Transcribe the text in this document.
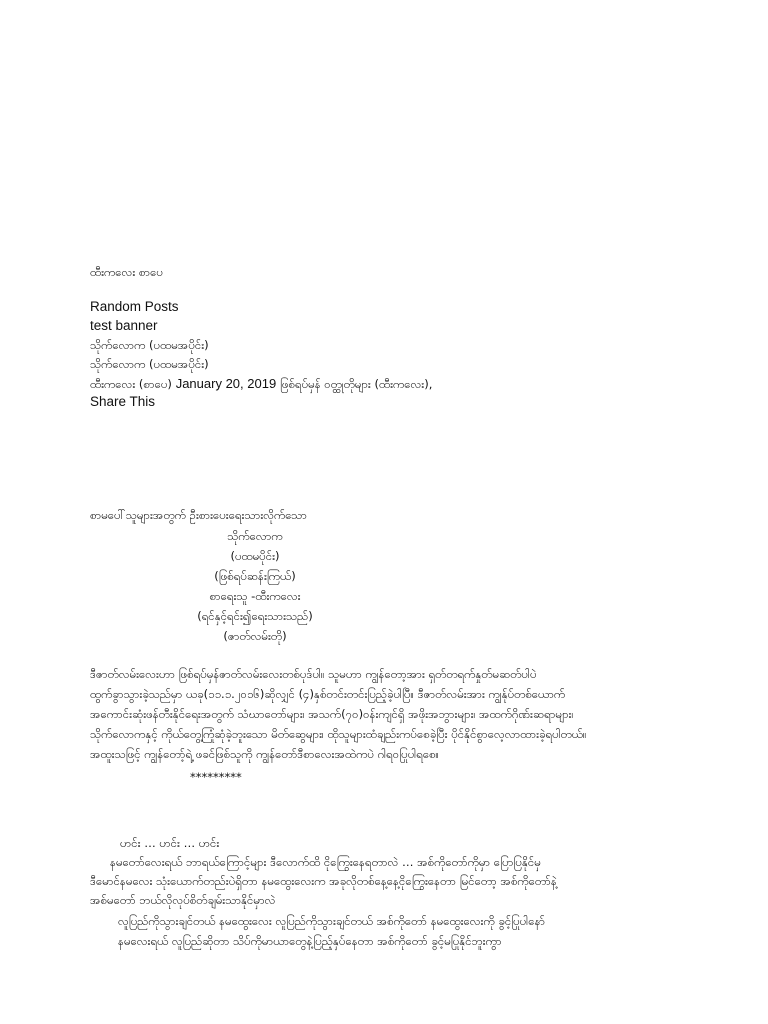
ထီးကလေး စာပေ
Random Posts
test banner
သိုက်လောက (ပထမအပိုင်း)
သိုက်လောက (ပထမအပိုင်း)
ထီးကလေး (စာပေ) January 20, 2019 ဖြစ်ရပ်မှန် ဝတ္ထုတိုများ (ထီးကလေး),
Share This
စာမပေါ်သူများအတွက် ဦးစားပေးရေးသားလိုက်သော
သိုက်လောက
(ပထမပိုင်း)
(ဖြစ်ရပ်ဆန်းကြယ်)
စာရေးသူ -ထီးကလေး
(ရင်နှင့်ရင်း၍ရေးသားသည်)
(ဇာတ်လမ်းတို)
ဒီဇာတ်လမ်းလေးဟာ ဖြစ်ရပ်မှန်ဇာတ်လမ်းလေးတစ်ပုဒ်ပါ။ သူမဟာ ကျွန်တော့အား ရှတ်တရက်နှုတ်မဆတ်ပါပဲ
ထွက်ခွာသွားခဲ့သည်မှာ ယခု(၁၁.၁.၂၀၁၆)ဆိုလျှင် (၄)နှစ်တင်းတင်းပြည့်ခဲ့ပါပြီ။ ဒီဇာတ်လမ်းအား ကျွန်ုပ်တစ်ယောက်
အကောင်းဆုံးဖန်တီးနိုင်ရေးအတွက် သံဃာတော်များ၊ အသက်(၇၀)ဝန်းကျင်ရှိ အဖိုးအဘွားများ၊ အထက်ဂိုဏ်းဆရာများ၊
သိုက်လောကနှင့် ကိုယ်တွေ့ကြုံဆုံခဲ့ဘူးသော မိတ်ဆွေများ၊ ထိုသူများထံချည်းကပ်စေခဲ့ပြီး ပိုင်နိုင်စွာလေ့လာထားခဲ့ရပါတယ်။
အထူးသဖြင့် ကျွန်တော့်ရဲ့ ဖခင်ဖြစ်သူကို ကျွန်တော်ဒီစာလေးအထဲကပဲ ဂါရဝပြုပါရစေ။
*********
ဟင်း … ဟင်း … ဟင်း
နမတော်လေးရယ် ဘာရယ်ကြောင့်များ ဒီလောက်ထိ ငိုကြွေးနေရတာလဲ … အစ်ကိုတော်ကိုမှာ ပြောပြနိုင်မှ
ဒီမောင်နမလေး သုံးယောက်တည်းပဲရှိတာ နမထွေးလေးက အခုလိုတစ်နေ့နေ့ငိုကြွေးနေတာ မြင်တော့ အစ်ကိုတော်နဲ့
အစ်မတော် ဘယ်လိုလုပ်စိတ်ချမ်းသာနိုင်မှာလဲ
လူပြည်ကိုသွားချင်တယ် နမထွေးလေး လူပြည်ကိုသွားချင်တယ် အစ်ကိုတော် နမထွေးလေးကို ခွင့်ပြုပါနော်
နမလေးရယ် လူပြည်ဆိုတာ သိပ်ကိုမာယာတွေနဲ့ပြည့်နှပ်နေတာ အစ်ကိုတော် ခွင့်မပြုနိုင်ဘူးကွာ
